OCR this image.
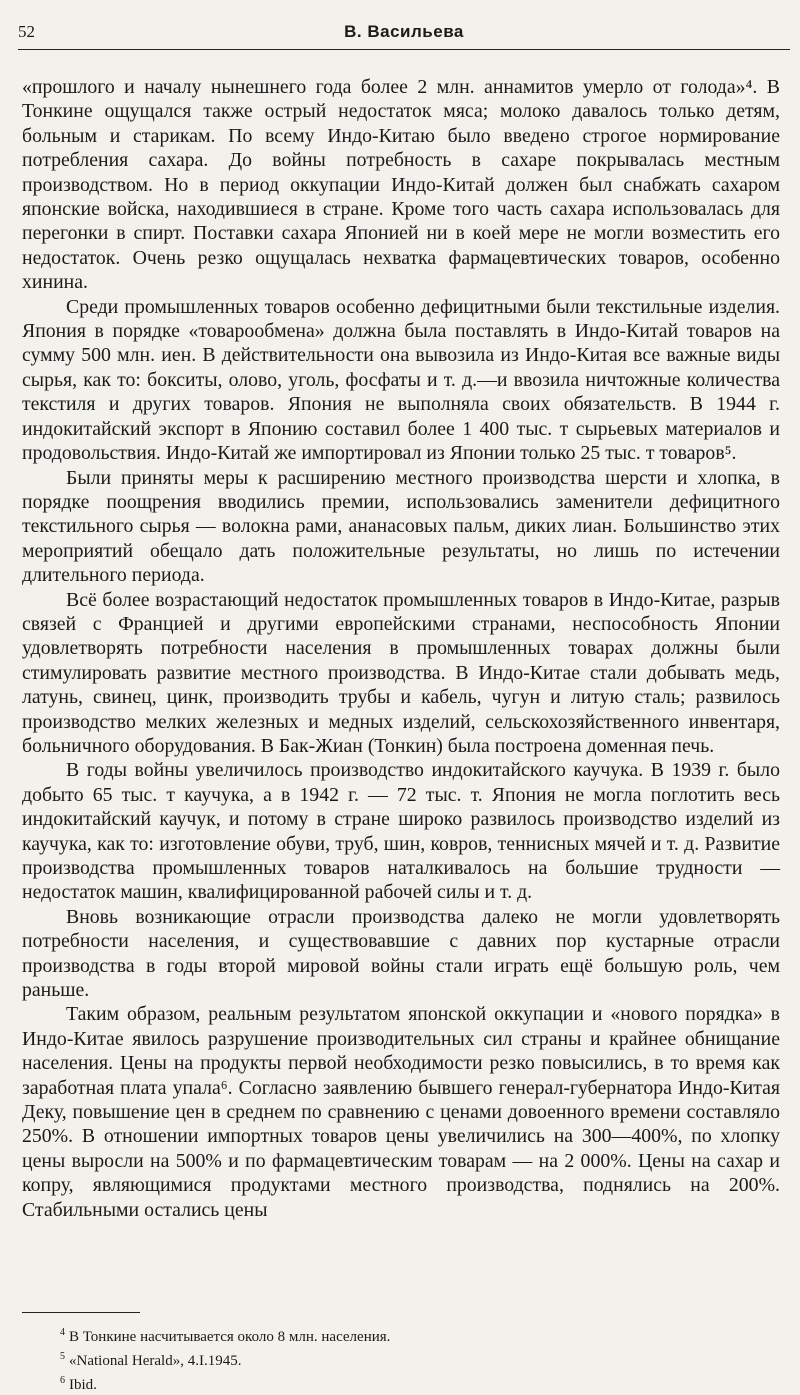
52	В. Васильева

«прошлого и началу нынешнего года более 2 млн. аннамитов умерло от голода»⁴. В Тонкине ощущался также острый недостаток мяса; молоко давалось только детям, больным и старикам. По всему Индо-Китаю было введено строгое нормирование потребления сахара. До войны потребность в сахаре покрывалась местным производством. Но в период оккупации Индо-Китай должен был снабжать сахаром японские войска, находившиеся в стране. Кроме того часть сахара использовалась для перегонки в спирт. Поставки сахара Японией ни в коей мере не могли возместить его недостаток. Очень резко ощущалась нехватка фармацевтических товаров, особенно хинина.

Среди промышленных товаров особенно дефицитными были текстильные изделия. Япония в порядке «товарообмена» должна была поставлять в Индо-Китай товаров на сумму 500 млн. иен. В действительности она вывозила из Индо-Китая все важные виды сырья, как то: бокситы, олово, уголь, фосфаты и т. д.—и ввозила ничтожные количества текстиля и других товаров. Япония не выполняла своих обязательств. В 1944 г. индокитайский экспорт в Японию составил более 1 400 тыс. т сырьевых материалов и продовольствия. Индо-Китай же импортировал из Японии только 25 тыс. т товаров⁵.

Были приняты меры к расширению местного производства шерсти и хлопка, в порядке поощрения вводились премии, использовались заменители дефицитного текстильного сырья — волокна рами, ананасовых пальм, диких лиан. Большинство этих мероприятий обещало дать положительные результаты, но лишь по истечении длительного периода.

Всё более возрастающий недостаток промышленных товаров в Индо-Китае, разрыв связей с Францией и другими европейскими странами, неспособность Японии удовлетворять потребности населения в промышленных товарах должны были стимулировать развитие местного производства. В Индо-Китае стали добывать медь, латунь, свинец, цинк, производить трубы и кабель, чугун и литую сталь; развилось производство мелких железных и медных изделий, сельскохозяйственного инвентаря, больничного оборудования. В Бак-Жиан (Тонкин) была построена доменная печь.

В годы войны увеличилось производство индокитайского каучука. В 1939 г. было добыто 65 тыс. т каучука, а в 1942 г. — 72 тыс. т. Япония не могла поглотить весь индокитайский каучук, и потому в стране широко развилось производство изделий из каучука, как то: изготовление обуви, труб, шин, ковров, теннисных мячей и т. д. Развитие производства промышленных товаров наталкивалось на большие трудности — недостаток машин, квалифицированной рабочей силы и т. д.

Вновь возникающие отрасли производства далеко не могли удовлетворять потребности населения, и существовавшие с давних пор кустарные отрасли производства в годы второй мировой войны стали играть ещё большую роль, чем раньше.

Таким образом, реальным результатом японской оккупации и «нового порядка» в Индо-Китае явилось разрушение производительных сил страны и крайнее обнищание населения. Цены на продукты первой необходимости резко повысились, в то время как заработная плата упала⁶. Согласно заявлению бывшего генерал-губернатора Индо-Китая Деку, повышение цен в среднем по сравнению с ценами довоенного времени составляло 250%. В отношении импортных товаров цены увеличились на 300—400%, по хлопку цены выросли на 500% и по фармацевтическим товарам — на 2 000%. Цены на сахар и копру, являющимися продуктами местного производства, поднялись на 200%. Стабильными остались цены

$^4$ В Тонкине насчитывается около 8 млн. населения.
$^5$ «National Herald», 4.I.1945.
$^6$ Ibid.
